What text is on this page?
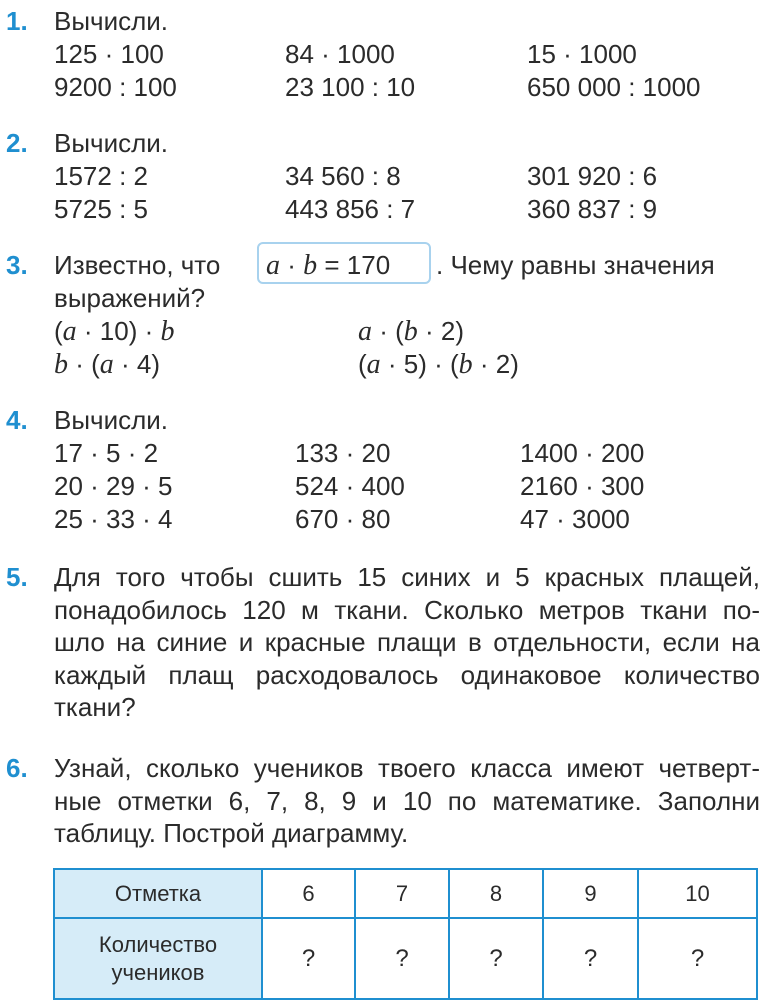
1. Вычисли.
125 · 100	84 · 1000	15 · 1000
9200 : 100	23 100 : 10	650 000 : 1000
2. Вычисли.
1572 : 2	34 560 : 8	301 920 : 6
5725 : 5	443 856 : 7	360 837 : 9
3. Известно, что a · b = 170 . Чему равны значения
выражений?
(a · 10) · b	a · (b · 2)
b · (a · 4)	(a · 5) · (b · 2)
4. Вычисли.
17 · 5 · 2	133 · 20	1400 · 200
20 · 29 · 5	524 · 400	2160 · 300
25 · 33 · 4	670 · 80	47 · 3000
5. Для того чтобы сшить 15 синих и 5 красных плащей,
понадобилось 120 м ткани. Сколько метров ткани по-
шло на синие и красные плащи в отдельности, если на
каждый плащ расходовалось одинаковое количество
ткани?
6. Узнай, сколько учеников твоего класса имеют четверт-
ные отметки 6, 7, 8, 9 и 10 по математике. Заполни
таблицу. Построй диаграмму.
Отметка	6	7	8	9	10
Количество
учеников	?	?	?	?	?
